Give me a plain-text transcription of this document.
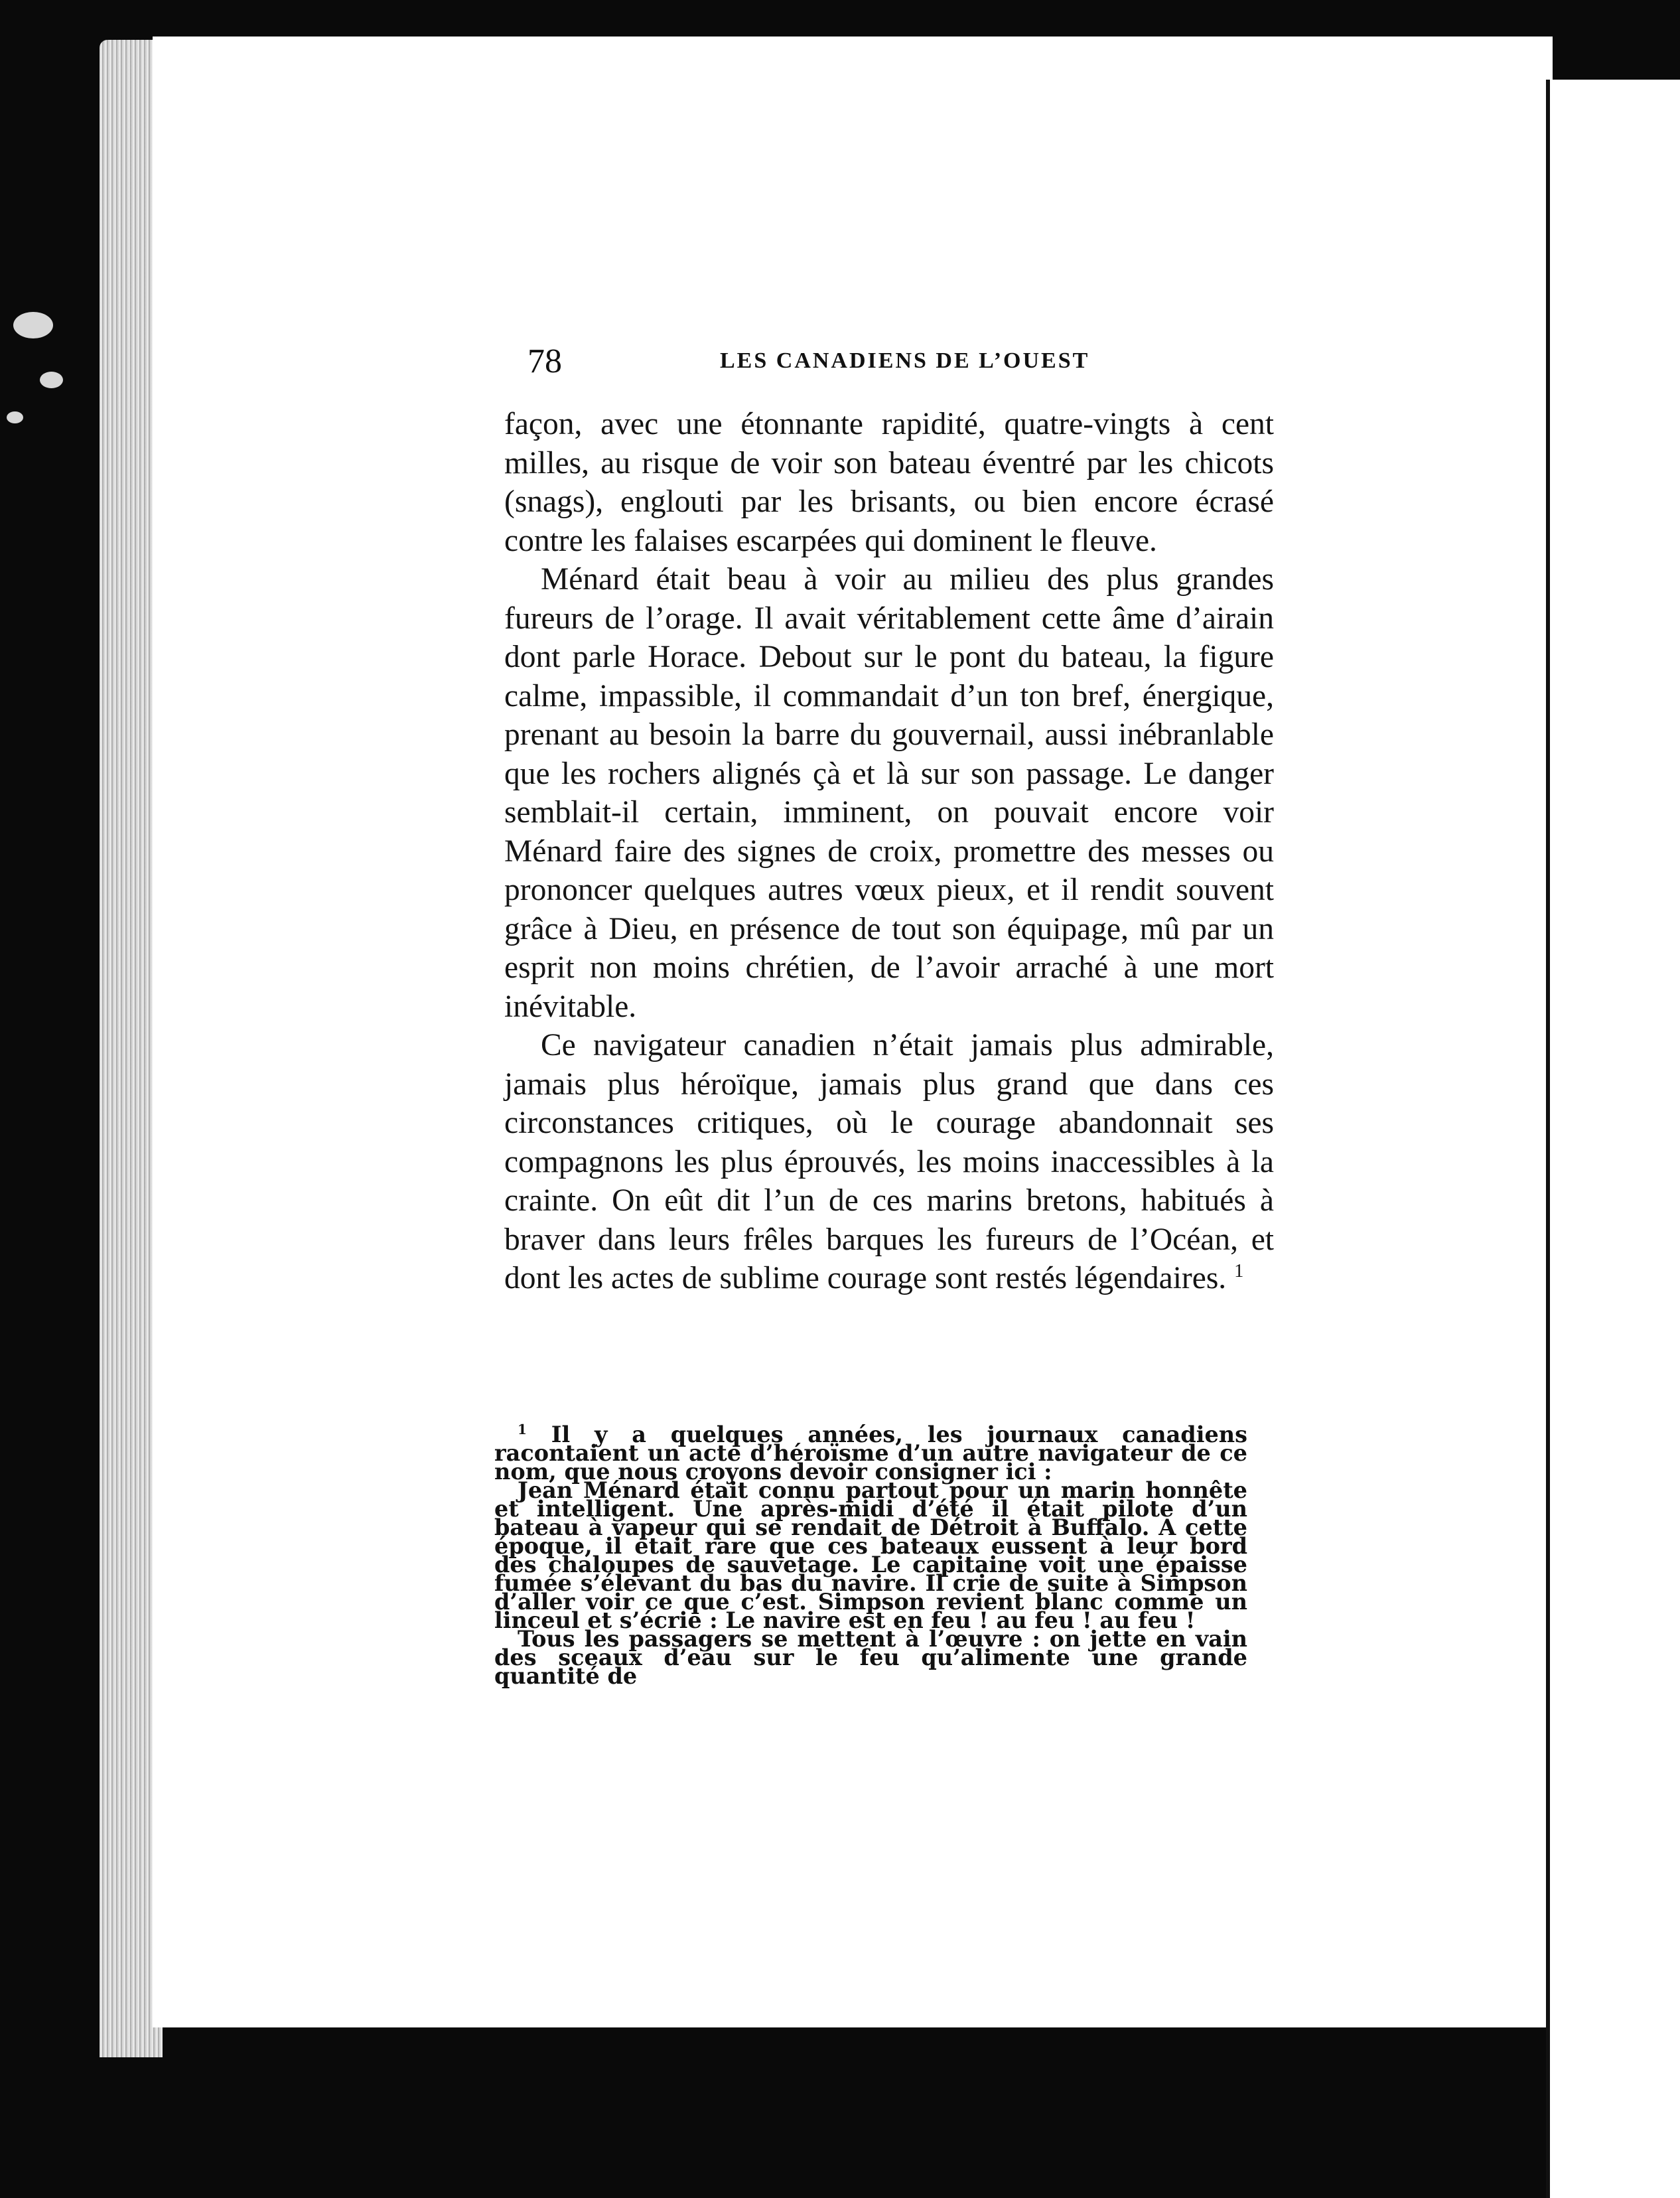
78	LES CANADIENS DE L’OUEST

façon, avec une étonnante rapidité, quatre-vingts à cent milles, au risque de voir son bateau éventré par les chicots (snags), englouti par les brisants, ou bien encore écrasé contre les falaises escarpées qui dominent le fleuve.

Ménard était beau à voir au milieu des plus grandes fureurs de l’orage. Il avait véritablement cette âme d’airain dont parle Horace. Debout sur le pont du bateau, la figure calme, impassible, il commandait d’un ton bref, énergique, prenant au besoin la barre du gouvernail, aussi inébranlable que les rochers alignés çà et là sur son passage. Le danger semblait-il certain, imminent, on pouvait encore voir Ménard faire des signes de croix, promettre des messes ou prononcer quelques autres vœux pieux, et il rendit souvent grâce à Dieu, en présence de tout son équipage, mû par un esprit non moins chrétien, de l’avoir arraché à une mort inévitable.

Ce navigateur canadien n’était jamais plus admirable, jamais plus héroïque, jamais plus grand que dans ces circonstances critiques, où le courage abandonnait ses compagnons les plus éprouvés, les moins inaccessibles à la crainte. On eût dit l’un de ces marins bretons, habitués à braver dans leurs frêles barques les fureurs de l’Océan, et dont les actes de sublime courage sont restés légendaires. $^1$

$^1$ Il y a quelques années, les journaux canadiens racontaient un acte d’héroïsme d’un autre navigateur de ce nom, que nous croyons devoir consigner ici :

Jean Ménard était connu partout pour un marin honnête et intelligent. Une après-midi d’été il était pilote d’un bateau à vapeur qui se rendait de Détroit à Buffalo. A cette époque, il était rare que ces bateaux eussent à leur bord des chaloupes de sauvetage. Le capitaine voit une épaisse fumée s’élevant du bas du navire. Il crie de suite à Simpson d’aller voir ce que c’est. Simpson revient blanc comme un linceul et s’écrie : Le navire est en feu ! au feu ! au feu !

Tous les passagers se mettent à l’œuvre : on jette en vain des sceaux d’eau sur le feu qu’alimente une grande quantité de
